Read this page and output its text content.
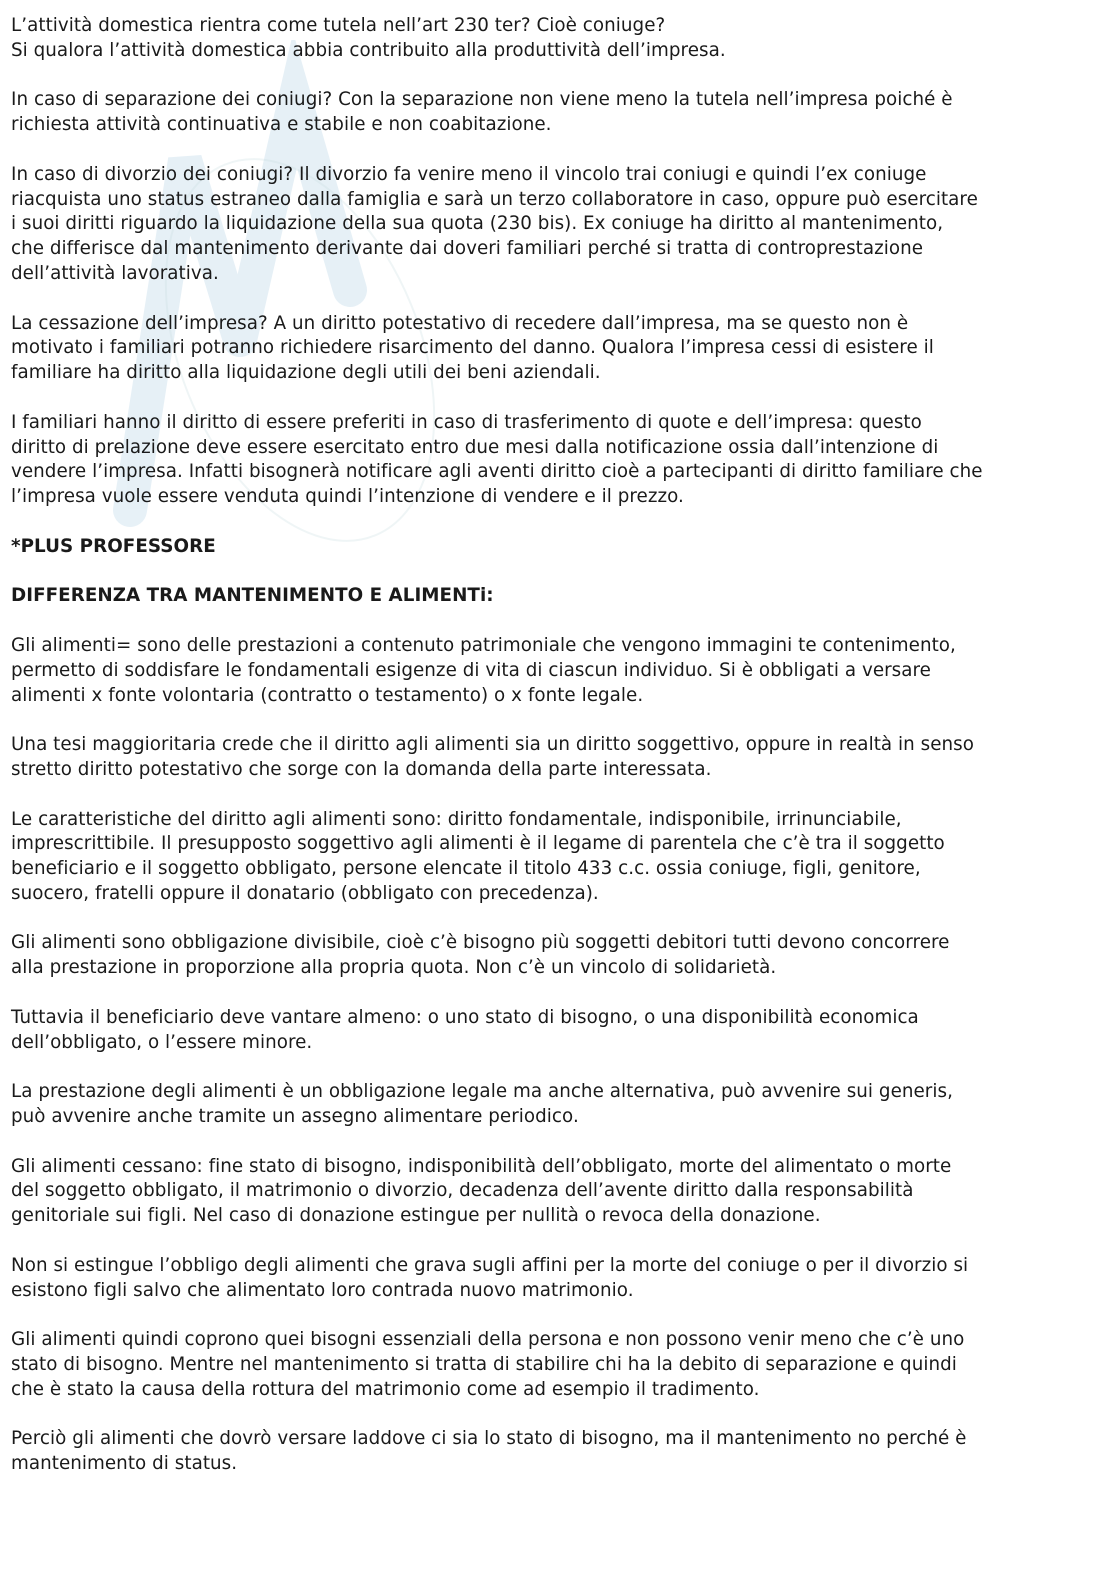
L’attività domestica rientra come tutela nell’art 230 ter? Cioè coniuge?
Si qualora l’attività domestica abbia contribuito alla produttività dell’impresa.

In caso di separazione dei coniugi? Con la separazione non viene meno la tutela nell’impresa poiché è
richiesta attività continuativa e stabile e non coabitazione.

In caso di divorzio dei coniugi? Il divorzio fa venire meno il vincolo trai coniugi e quindi l’ex coniuge
riacquista uno status estraneo dalla famiglia e sarà un terzo collaboratore in caso, oppure può esercitare
i suoi diritti riguardo la liquidazione della sua quota (230 bis). Ex coniuge ha diritto al mantenimento,
che differisce dal mantenimento derivante dai doveri familiari perché si tratta di controprestazione
dell’attività lavorativa.

La cessazione dell’impresa? A un diritto potestativo di recedere dall’impresa, ma se questo non è
motivato i familiari potranno richiedere risarcimento del danno. Qualora l’impresa cessi di esistere il
familiare ha diritto alla liquidazione degli utili dei beni aziendali.

I familiari hanno il diritto di essere preferiti in caso di trasferimento di quote e dell’impresa: questo
diritto di prelazione deve essere esercitato entro due mesi dalla notificazione ossia dall’intenzione di
vendere l’impresa. Infatti bisognerà notificare agli aventi diritto cioè a partecipanti di diritto familiare che
l’impresa vuole essere venduta quindi l’intenzione di vendere e il prezzo.

*PLUS PROFESSORE

DIFFERENZA TRA MANTENIMENTO E ALIMENTi:

Gli alimenti= sono delle prestazioni a contenuto patrimoniale che vengono immagini te contenimento,
permetto di soddisfare le fondamentali esigenze di vita di ciascun individuo. Si è obbligati a versare
alimenti x fonte volontaria (contratto o testamento) o x fonte legale.

Una tesi maggioritaria crede che il diritto agli alimenti sia un diritto soggettivo, oppure in realtà in senso
stretto diritto potestativo che sorge con la domanda della parte interessata.

Le caratteristiche del diritto agli alimenti sono: diritto fondamentale, indisponibile, irrinunciabile,
imprescrittibile. Il presupposto soggettivo agli alimenti è il legame di parentela che c’è tra il soggetto
beneficiario e il soggetto obbligato, persone elencate il titolo 433 c.c. ossia coniuge, figli, genitore,
suocero, fratelli oppure il donatario (obbligato con precedenza).

Gli alimenti sono obbligazione divisibile, cioè c’è bisogno più soggetti debitori tutti devono concorrere
alla prestazione in proporzione alla propria quota. Non c’è un vincolo di solidarietà.

Tuttavia il beneficiario deve vantare almeno: o uno stato di bisogno, o una disponibilità economica
dell’obbligato, o l’essere minore.

La prestazione degli alimenti è un obbligazione legale ma anche alternativa, può avvenire sui generis,
può avvenire anche tramite un assegno alimentare periodico.

Gli alimenti cessano: fine stato di bisogno, indisponibilità dell’obbligato, morte del alimentato o morte
del soggetto obbligato, il matrimonio o divorzio, decadenza dell’avente diritto dalla responsabilità
genitoriale sui figli. Nel caso di donazione estingue per nullità o revoca della donazione.

Non si estingue l’obbligo degli alimenti che grava sugli affini per la morte del coniuge o per il divorzio si
esistono figli salvo che alimentato loro contrada nuovo matrimonio.

Gli alimenti quindi coprono quei bisogni essenziali della persona e non possono venir meno che c’è uno
stato di bisogno. Mentre nel mantenimento si tratta di stabilire chi ha la debito di separazione e quindi
che è stato la causa della rottura del matrimonio come ad esempio il tradimento.

Perciò gli alimenti che dovrò versare laddove ci sia lo stato di bisogno, ma il mantenimento no perché è
mantenimento di status.
